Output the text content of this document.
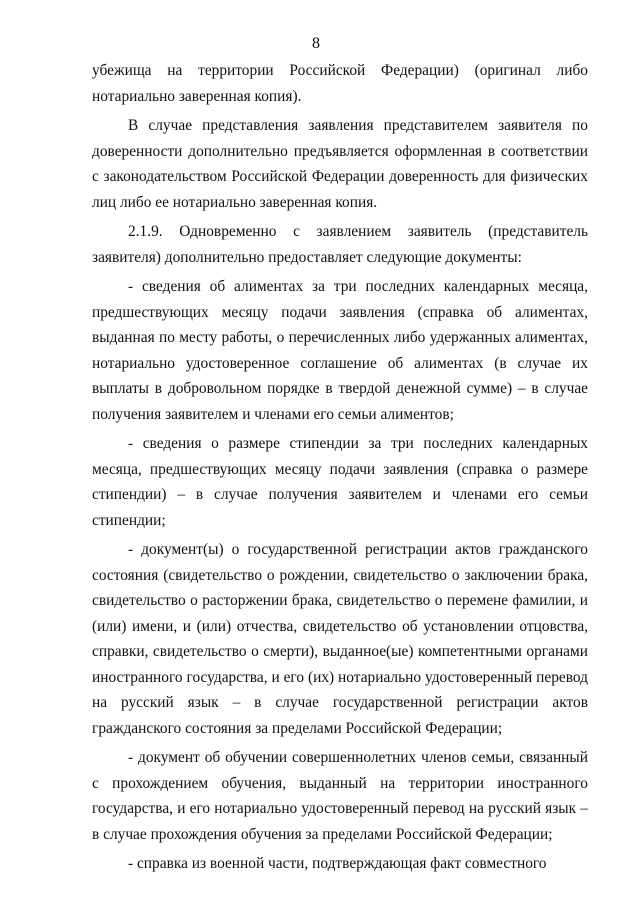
8

убежища на территории Российской Федерации) (оригинал либо нотариально заверенная копия).

В случае представления заявления представителем заявителя по доверенности дополнительно предъявляется оформленная в соответствии с законодательством Российской Федерации доверенность для физических лиц либо ее нотариально заверенная копия.

2.1.9. Одновременно с заявлением заявитель (представитель заявителя) дополнительно предоставляет следующие документы:

- сведения об алиментах за три последних календарных месяца, предшествующих месяцу подачи заявления (справка об алиментах, выданная по месту работы, о перечисленных либо удержанных алиментах, нотариально удостоверенное соглашение об алиментах (в случае их выплаты в добровольном порядке в твердой денежной сумме) – в случае получения заявителем и членами его семьи алиментов;

- сведения о размере стипендии за три последних календарных месяца, предшествующих месяцу подачи заявления (справка о размере стипендии) – в случае получения заявителем и членами его семьи стипендии;

- документ(ы) о государственной регистрации актов гражданского состояния (свидетельство о рождении, свидетельство о заключении брака, свидетельство о расторжении брака, свидетельство о перемене фамилии, и (или) имени, и (или) отчества, свидетельство об установлении отцовства, справки, свидетельство о смерти), выданное(ые) компетентными органами иностранного государства, и его (их) нотариально удостоверенный перевод на русский язык – в случае государственной регистрации актов гражданского состояния за пределами Российской Федерации;

- документ об обучении совершеннолетних членов семьи, связанный с прохождением обучения, выданный на территории иностранного государства, и его нотариально удостоверенный перевод на русский язык – в случае прохождения обучения за пределами Российской Федерации;

- справка из военной части, подтверждающая факт совместного
